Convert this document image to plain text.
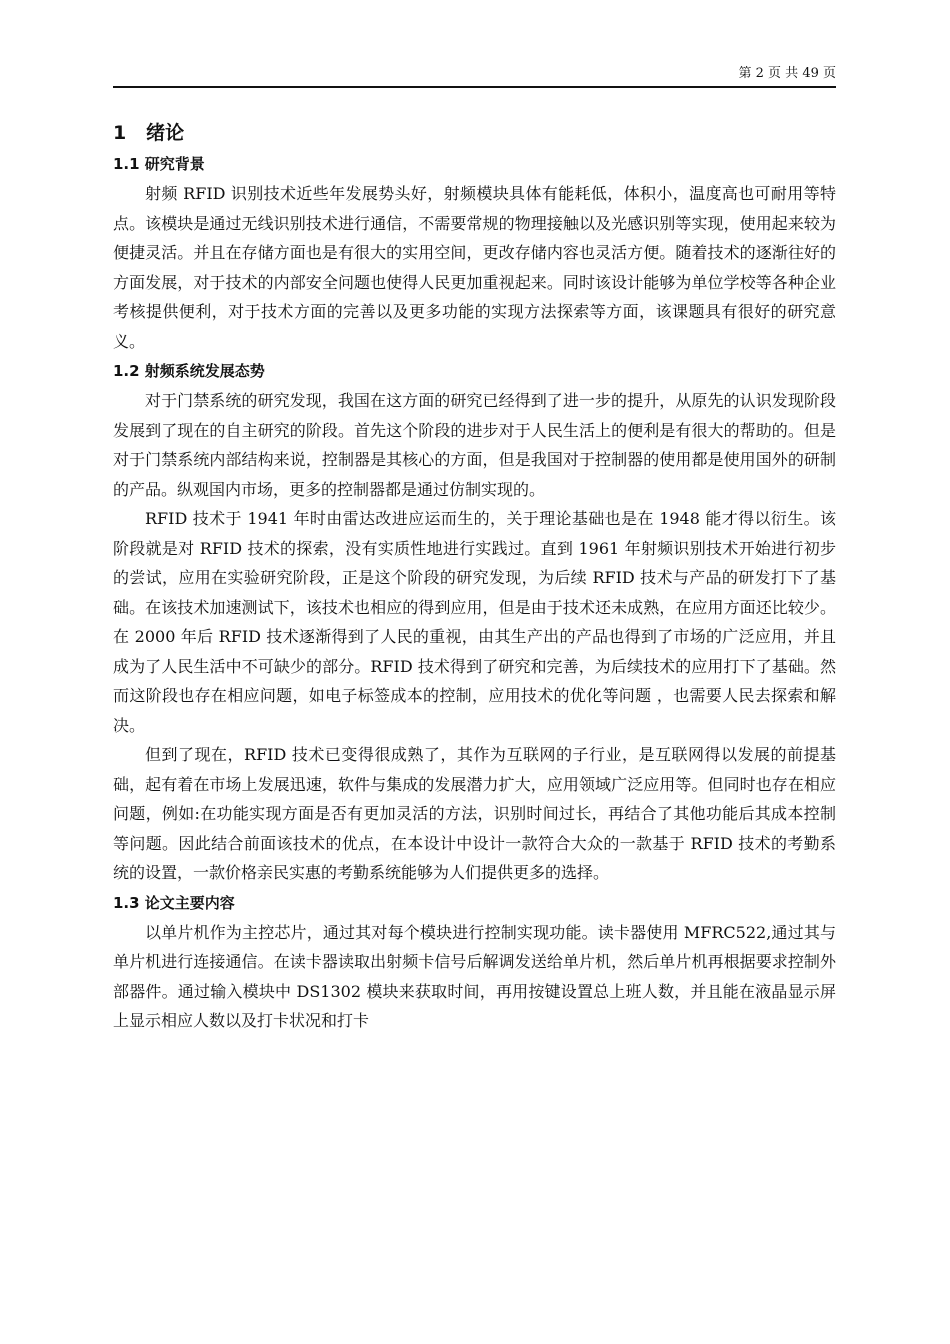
第 2 页 共 49 页
1   绪论
1.1 研究背景

射频 RFID 识别技术近些年发展势头好，射频模块具体有能耗低，体积小，温度高也可耐用等特点。该模块是通过无线识别技术进行通信，不需要常规的物理接触以及光感识别等实现，使用起来较为便捷灵活。并且在存储方面也是有很大的实用空间，更改存储内容也灵活方便。随着技术的逐渐往好的方面发展，对于技术的内部安全问题也使得人民更加重视起来。同时该设计能够为单位学校等各种企业考核提供便利，对于技术方面的完善以及更多功能的实现方法探索等方面，该课题具有很好的研究意义。

1.2 射频系统发展态势

对于门禁系统的研究发现，我国在这方面的研究已经得到了进一步的提升，从原先的认识发现阶段发展到了现在的自主研究的阶段。首先这个阶段的进步对于人民生活上的便利是有很大的帮助的。但是对于门禁系统内部结构来说，控制器是其核心的方面，但是我国对于控制器的使用都是使用国外的研制的产品。纵观国内市场，更多的控制器都是通过仿制实现的。

RFID 技术于 1941 年时由雷达改进应运而生的，关于理论基础也是在 1948 能才得以衍生。该阶段就是对 RFID 技术的探索，没有实质性地进行实践过。直到 1961 年射频识别技术开始进行初步的尝试，应用在实验研究阶段，正是这个阶段的研究发现，为后续 RFID 技术与产品的研发打下了基础。在该技术加速测试下，该技术也相应的得到应用，但是由于技术还未成熟，在应用方面还比较少。在 2000 年后 RFID 技术逐渐得到了人民的重视，由其生产出的产品也得到了市场的广泛应用，并且成为了人民生活中不可缺少的部分。RFID 技术得到了研究和完善，为后续技术的应用打下了基础。然而这阶段也存在相应问题，如电子标签成本的控制，应用技术的优化等问题 ，也需要人民去探索和解决。

但到了现在，RFID 技术已变得很成熟了，其作为互联网的子行业，是互联网得以发展的前提基础，起有着在市场上发展迅速，软件与集成的发展潜力扩大，应用领域广泛应用等。但同时也存在相应问题，例如:在功能实现方面是否有更加灵活的方法，识别时间过长，再结合了其他功能后其成本控制等问题。因此结合前面该技术的优点，在本设计中设计一款符合大众的一款基于 RFID 技术的考勤系统的设置，一款价格亲民实惠的考勤系统能够为人们提供更多的选择。

1.3 论文主要内容

以单片机作为主控芯片，通过其对每个模块进行控制实现功能。读卡器使用 MFRC522,通过其与单片机进行连接通信。在读卡器读取出射频卡信号后解调发送给单片机，然后单片机再根据要求控制外部器件。通过输入模块中 DS1302 模块来获取时间，再用按键设置总上班人数，并且能在液晶显示屏上显示相应人数以及打卡状况和打卡
